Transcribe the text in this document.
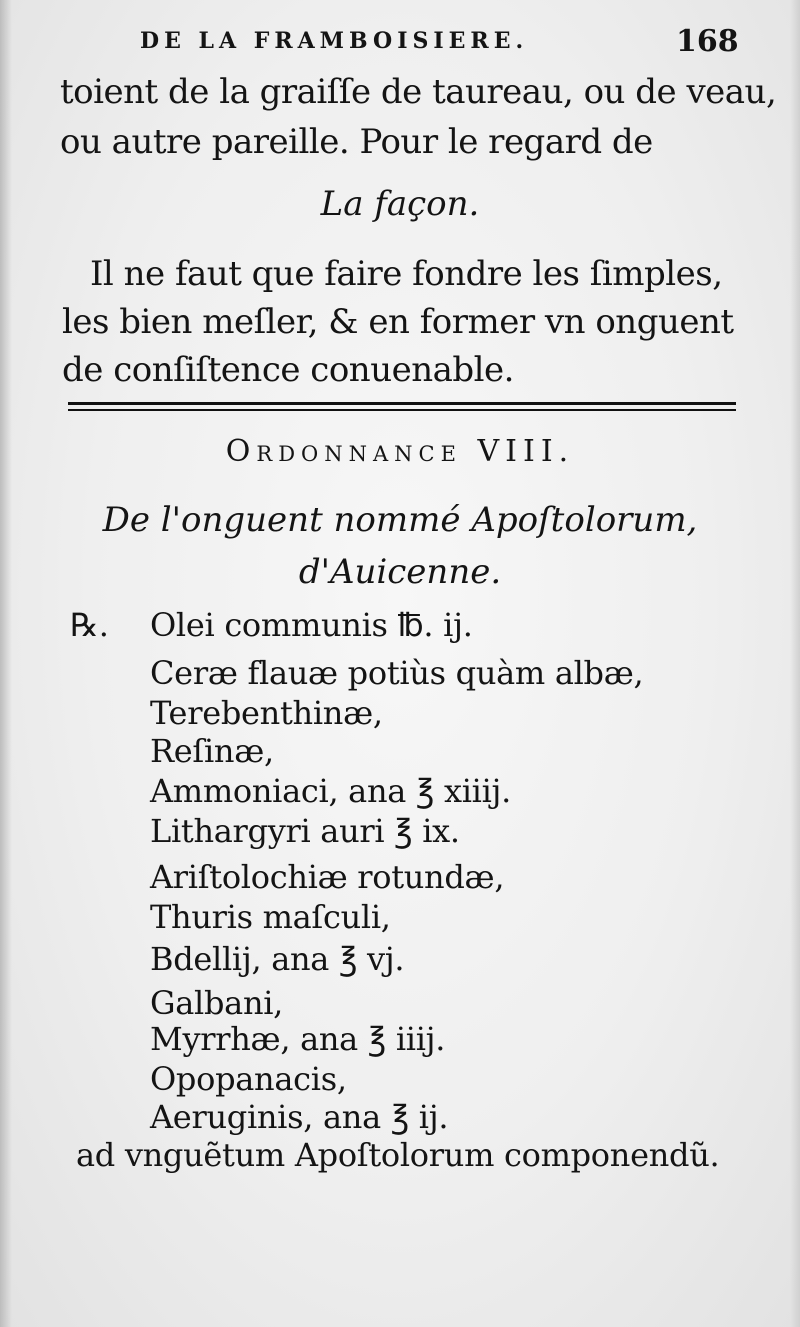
DE LA FRAMBOISIERE.	168
toient de la graiſſe de taureau, ou de veau,
ou autre pareille. Pour le regard de
La façon.
Il ne faut que faire fondre les ſimples,
les bien meſler, & en former vn onguent
de conſiſtence conuenable.
Ordonnance VIII.
De l'onguent nommé Apoſtolorum,
d'Auicenne.
℞. Olei communis ℔. ij.
Ceræ flauæ potiùs quàm albæ,
Terebenthinæ,
Reſinæ,
Ammoniaci, ana ℥ xiiij.
Lithargyri auri ℥ ix.
Ariſtolochiæ rotundæ,
Thuris maſculi,
Bdellij, ana ℥ vj.
Galbani,
Myrrhæ, ana ℥ iiij.
Opopanacis,
Aeruginis, ana ℥ ij.
ad vnguẽtum Apoſtolorum componendũ.
